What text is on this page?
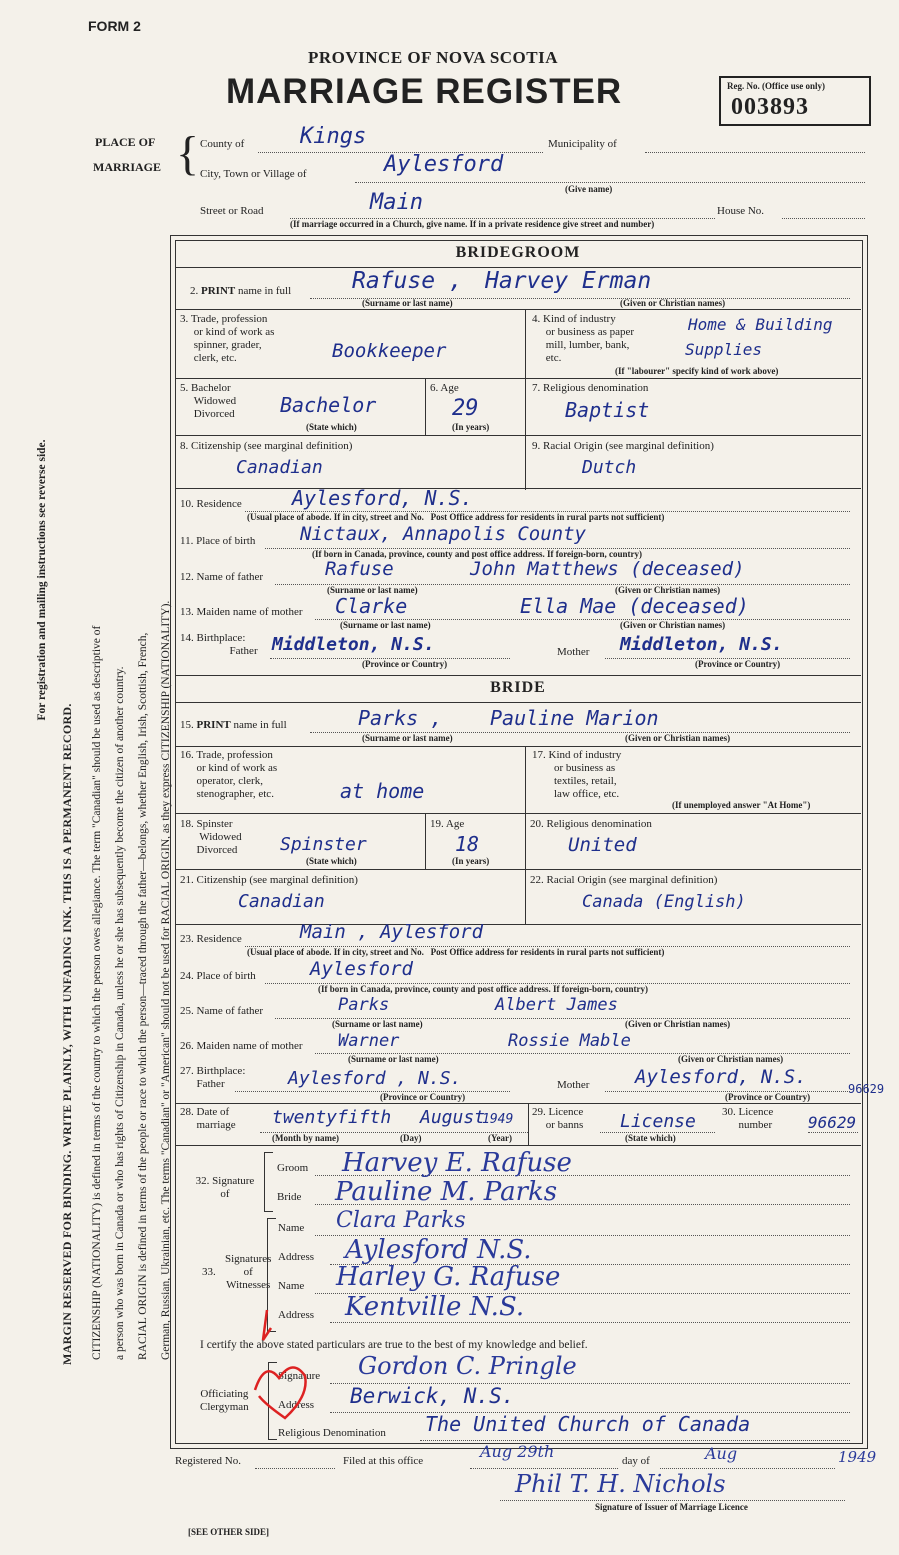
FORM 2
PROVINCE OF NOVA SCOTIA
MARRIAGE REGISTER	Reg. No. (Office use only)
003893
For registration and mailing instructions see reverse side.
MARGIN RESERVED FOR BINDING. WRITE PLAINLY, WITH UNFADING INK. THIS IS A PERMANENT RECORD.	CITIZENSHIP (NATIONALITY) is defined in terms of the country to which the person owes allegiance. The term "Canadian" should be used as descriptive of a person who was born in Canada or who has rights of Citizenship in Canada, unless he or she has subsequently become the citizen of another country. RACIAL ORIGIN is defined in terms of the people or race to which the person—traced through the father—belongs, whether English, Irish, Scottish, French, German, Russian, Ukrainian, etc. The terms "Canadian" or "American" should not be used for RACIAL ORIGIN, as they express CITIZENSHIP (NATIONALITY).
PLACE OF
MARRIAGE { County of	Kings	Municipality of
City, Town or Village of	Aylesford
(Give name)
Street or Road	Main	House No.
(If marriage occurred in a Church, give name. If in a private residence give street and number)
BRIDEGROOM
2. PRINT name in full	Rafuse , Harvey Erman
(Surname or last name)	(Given or Christian names)
3. Trade, profession
or kind of work as
spinner, grader,
clerk, etc.	Bookkeeper
4. Kind of industry
or business as paper
mill, lumber, bank,
etc.
Home & Building
Supplies
(If "labourer" specify kind of work above)
5. Bachelor
Widowed
Divorced Bachelor
(State which)
6. Age
29
(In years)
7. Religious denomination
Baptist
8. Citizenship (see marginal definition)
Canadian
9. Racial Origin (see marginal definition)
Dutch
10. Residence	Aylesford, N.S.
(Usual place of abode. If in city, street and No. Post Office address for residents in rural parts not sufficient)
11. Place of birth Nictaux, Annapolis County
(If born in Canada, province, county and post office address. If foreign-born, country)
12. Name of father	Rafuse	John Matthews (deceased)
(Surname or last name)	(Given or Christian names)
13. Maiden name of mother Clarke	Ella Mae (deceased)
(Surname or last name)	(Given or Christian names)
14. Birthplace:
Father Middleton, N.S.
(Province or Country)
Mother Middleton, N.S.
(Province or Country)
BRIDE
15. PRINT name in full	Parks , Pauline Marion
(Surname or last name)	(Given or Christian names)
16. Trade, profession
or kind of work as
operator, clerk,
stenographer, etc.	at home
17. Kind of industry
or business as
textiles, retail,
law office, etc.
(If unemployed answer "At Home")
18. Spinster
Widowed
Divorced Spinster
(State which)
19. Age
18
(In years)
20. Religious denomination
United
21. Citizenship (see marginal definition)
Canadian
22. Racial Origin (see marginal definition)
Canada (English)
23. Residence	Main , Aylesford
(Usual place of abode. If in city, street and No. Post Office address for residents in rural parts not sufficient)
24. Place of birth	Aylesford
(If born in Canada, province, county and post office address. If foreign-born, country)
25. Name of father	Parks	Albert James
(Surname or last name)	(Given or Christian names)
26. Maiden name of mother Warner	Rossie Mable
(Surname or last name)	(Given or Christian names)
27. Birthplace:
Father	Aylesford , N.S.
(Province or Country)
Mother Aylesford, N.S.
(Province or Country)
96629
28. Date of
marriage twentyfifth August
1949
(Month by name)	(Day)	(Year)
29. Licence
or banns License
(State which)
30. Licence
number 96629
32. Signature
of
Groom Harvey E. Rafuse
Bride Pauline M. Parks
Signatures
of
Witnesses
33.
Name Clara Parks
Address Aylesford N.S.
Name Harley G. Rafuse
Address Kentville N.S.
I certify the above stated particulars are true to the best of my knowledge and belief.
Officiating
Clergyman
Signature Gordon C. Pringle
Address Berwick, N.S.
Religious Denomination The United Church of Canada
Registered No.	Filed at this office	Aug 29th	day of	Aug	1949
Phil T. H. Nichols
Signature of Issuer of Marriage Licence
[SEE OTHER SIDE]
